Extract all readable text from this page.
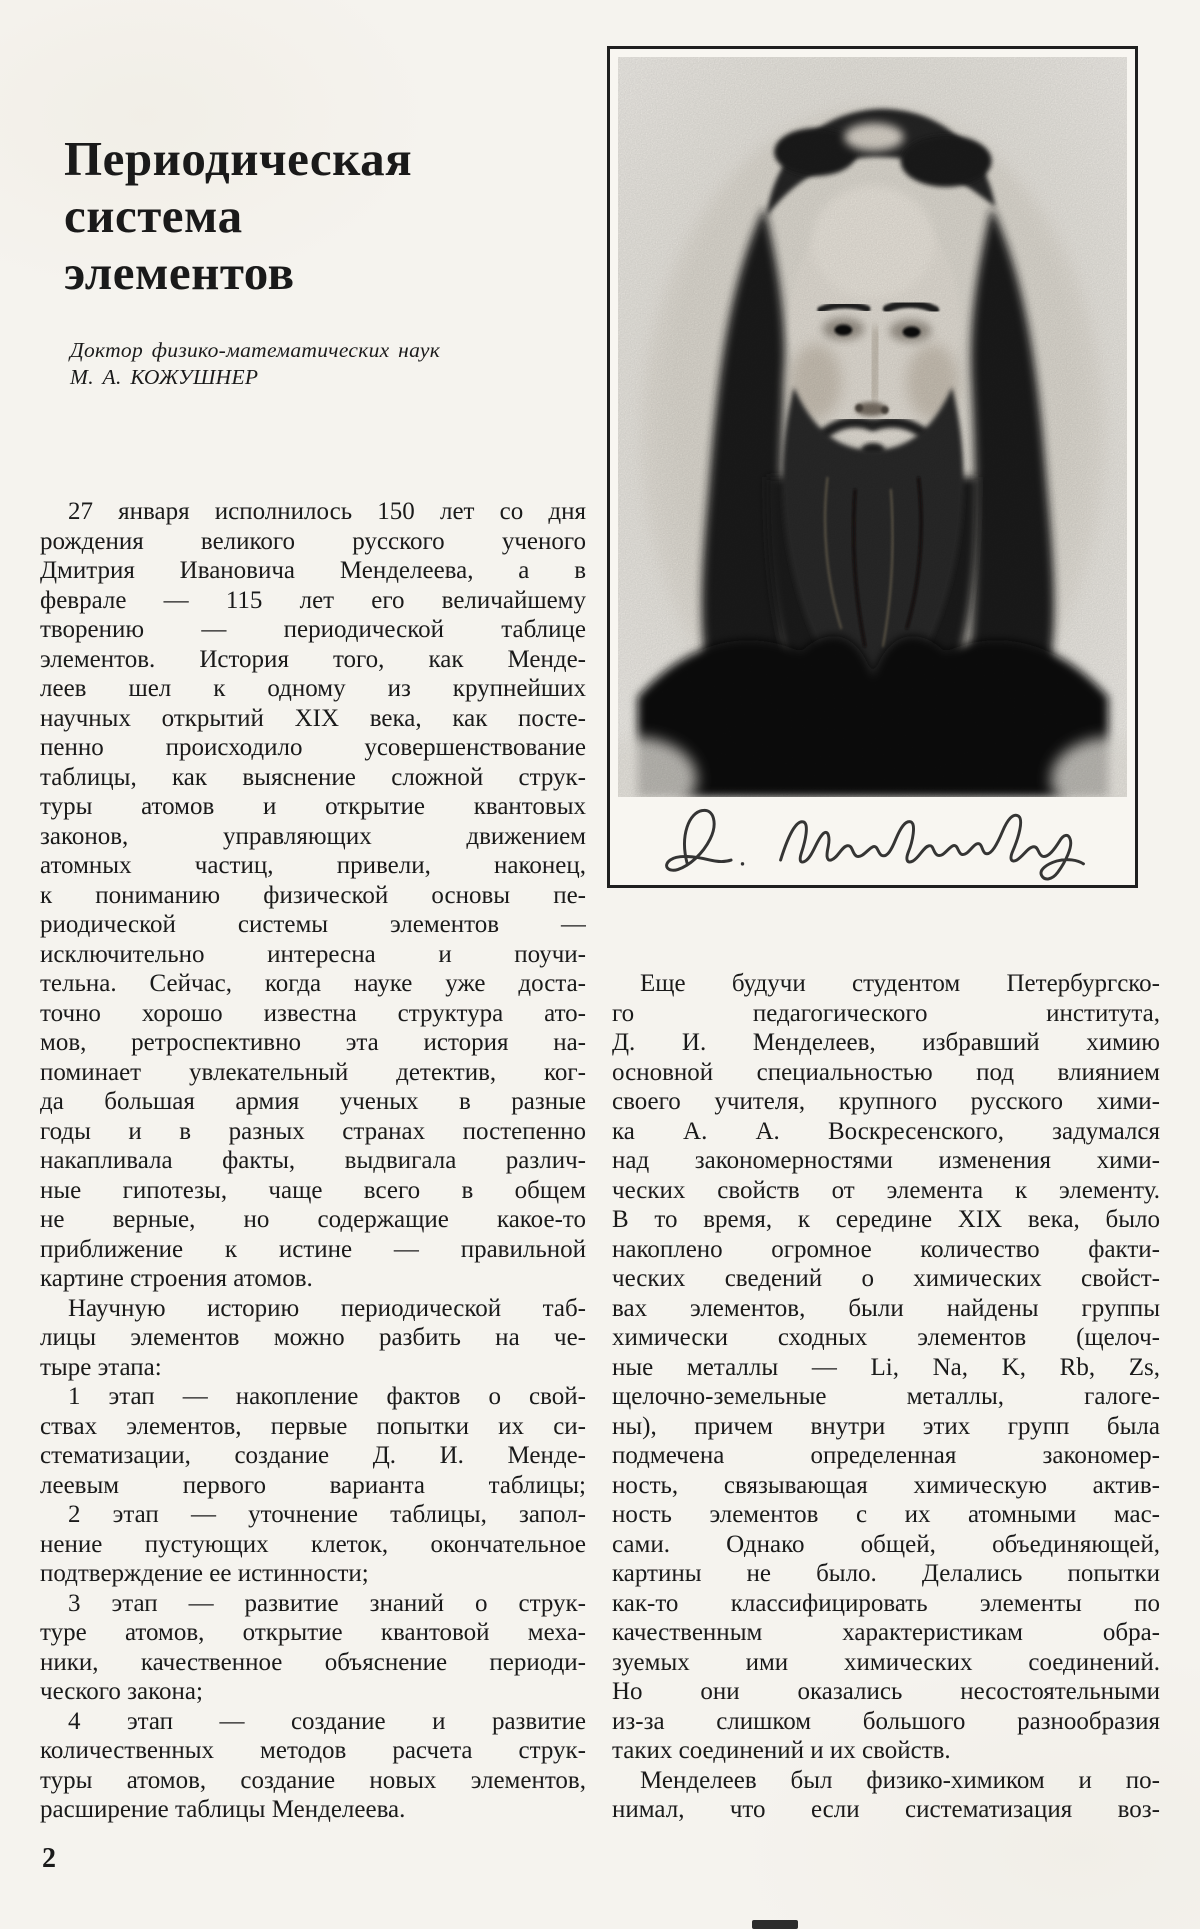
Периодическая
система
элементов
Доктор физико-математических наук
М. А. КОЖУШНЕР
27 января исполнилось 150 лет со дня
рождения великого русского ученого
Дмитрия Ивановича Менделеева, а в
феврале — 115 лет его величайшему
творению — периодической таблице
элементов. История того, как Менде-
леев шел к одному из крупнейших
научных открытий XIX века, как посте-
пенно происходило усовершенствование
таблицы, как выяснение сложной струк-
туры атомов и открытие квантовых
законов, управляющих движением
атомных частиц, привели, наконец,
к пониманию физической основы пе-
риодической системы элементов —
исключительно интересна и поучи-
тельна. Сейчас, когда науке уже доста-
точно хорошо известна структура ато-
мов, ретроспективно эта история на-
поминает увлекательный детектив, ког-
да большая армия ученых в разные
годы и в разных странах постепенно
накапливала факты, выдвигала различ-
ные гипотезы, чаще всего в общем
не верные, но содержащие какое-то
приближение к истине — правильной
картине строения атомов.
Научную историю периодической таб-
лицы элементов можно разбить на че-
тыре этапа:
1 этап — накопление фактов о свой-
ствах элементов, первые попытки их си-
стематизации, создание Д. И. Менде-
леевым первого варианта таблицы;
2 этап — уточнение таблицы, запол-
нение пустующих клеток, окончательное
подтверждение ее истинности;
3 этап — развитие знаний о струк-
туре атомов, открытие квантовой меха-
ники, качественное объяснение периоди-
ческого закона;
4 этап — создание и развитие
количественных методов расчета струк-
туры атомов, создание новых элементов,
расширение таблицы Менделеева.
Еще будучи студентом Петербургско-
го педагогического института,
Д. И. Менделеев, избравший химию
основной специальностью под влиянием
своего учителя, крупного русского хими-
ка А. А. Воскресенского, задумался
над закономерностями изменения хими-
ческих свойств от элемента к элементу.
В то время, к середине XIX века, было
накоплено огромное количество факти-
ческих сведений о химических свойст-
вах элементов, были найдены группы
химически сходных элементов (щелоч-
ные металлы — Li, Na, K, Rb, Zs,
щелочно-земельные металлы, галоге-
ны), причем внутри этих групп была
подмечена определенная закономер-
ность, связывающая химическую актив-
ность элементов с их атомными мас-
сами. Однако общей, объединяющей,
картины не было. Делались попытки
как-то классифицировать элементы по
качественным характеристикам обра-
зуемых ими химических соединений.
Но они оказались несостоятельными
из-за слишком большого разнообразия
таких соединений и их свойств.
Менделеев был физико-химиком и по-
нимал, что если систематизация воз-
2
